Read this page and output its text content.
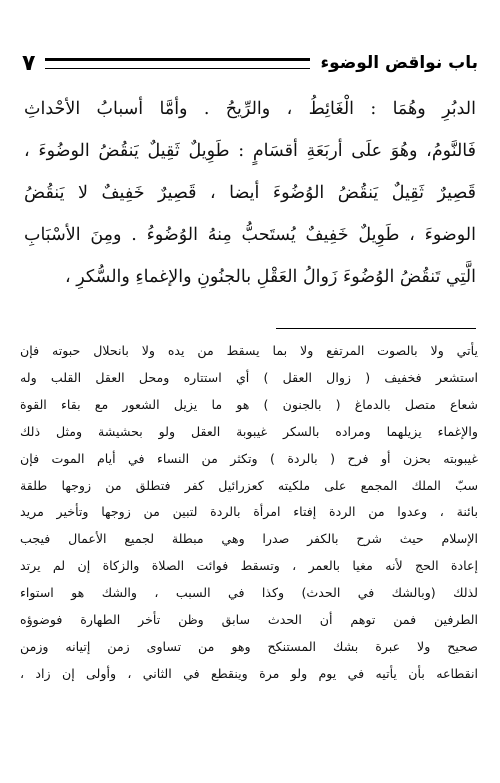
باب نواقض الوضوء
٧
الدبُرِ وهُمَا : الْغَائِطُ ، والرِّيحُ . وأمَّا أسبابُ الأحْداثِ
فَالنَّومُ، وهُوَ علَى أربَعَةِ أقسَامٍ : طَوِيلٌ ثَقِيلٌ يَنقُضُ الوضُوءَ ،
قَصِيرٌ ثَقِيلٌ يَنقُضُ الوُضُوءَ أيضا ، قَصِيرٌ خَفِيفٌ لا يَنقُضُ
الوضوءَ ، طَوِيلٌ خَفِيفٌ يُستَحبُّ مِنهُ الوُضُوءُ . ومِنَ الأسْبَابِ
الَّتِي تَنقُضُ الوُضُوءَ زَوالُ العَقْلِ بالجنُونِ والإغماءِ والسُّكرِ ،
يأتي ولا بالصوت المرتفع ولا بما يسقط من يده ولا بانحلال حبوته فإن
استشعر فخفيف ( زوال العقل ) أي استتاره ومحل العقل القلب وله
شعاع متصل بالدماغ ( بالجنون ) هو ما يزيل الشعور مع بقاء القوة
والإغماء يزيلهما ومراده بالسكر غيبوبة العقل ولو بحشيشة ومثل ذلك
غيبوبته بحزن أو فرح ( بالردة ) وتكثر من النساء في أيام الموت فإن
سبّ الملك المجمع على ملكيته كعزرائيل كفر فتطلق من زوجها طلقة
بائنة ، وعدوا من الردة إفتاء امرأة بالردة لتبين من زوجها وتأخير مريد
الإسلام حيث شرح بالكفر صدرا وهي مبطلة لجميع الأعمال فيجب
إعادة الحج لأنه مغيا بالعمر ، وتسقط فوائت الصلاة والزكاة إن لم يرتد
لذلك (وبالشك في الحدث) وكذا في السبب ، والشك هو استواء
الطرفين فمن توهم أن الحدث سابق وظن تأخر الطهارة فوضوؤه
صحيح ولا عبرة بشك المستنكح وهو من تساوى زمن إتيانه وزمن
انقطاعه بأن يأتيه في يوم ولو مرة وينقطع في الثاني ، وأولى إن زاد ،
